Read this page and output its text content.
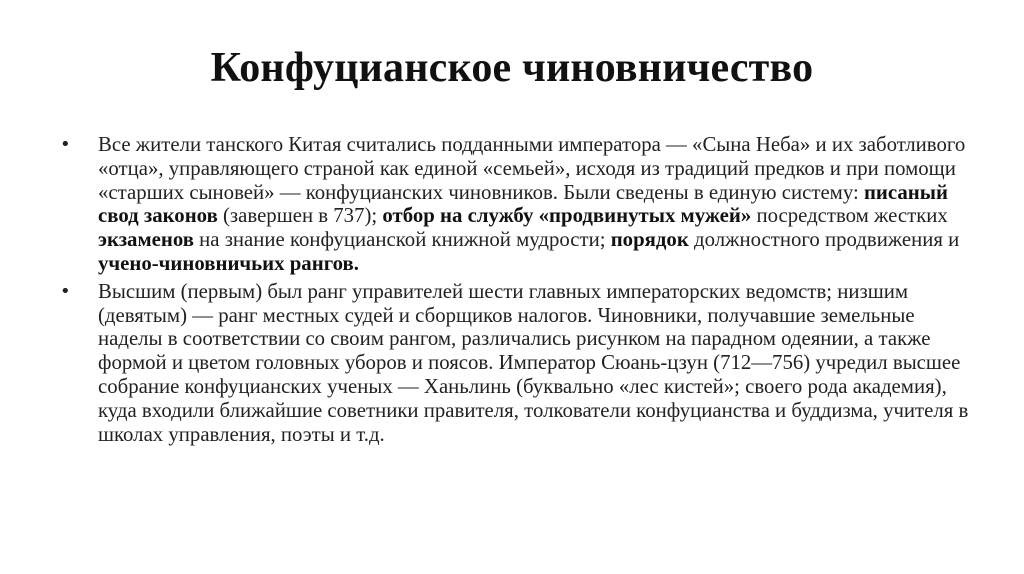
Конфуцианское чиновничество
•	Все жители танского Китая считались подданными императора — «Сына Неба» и их заботливого «отца», управляющего страной как единой «семьей», исходя из традиций предков и при помощи «старших сыновей» — конфуцианских чиновников. Были сведены в единую систему: писаный свод законов (завершен в 737); отбор на службу «продвинутых мужей» посредством жестких экзаменов на знание конфуцианской книжной мудрости; порядок должностного продвижения и учено-чиновничьих рангов.
•	Высшим (первым) был ранг управителей шести главных императорских ведомств; низшим (девятым) — ранг местных судей и сборщиков налогов. Чиновники, получавшие земельные наделы в соответствии со своим рангом, различались рисунком на парадном одеянии, а также формой и цветом головных уборов и поясов. Император Сюань-цзун (712—756) учредил высшее собрание конфуцианских ученых — Ханьлинь (буквально «лес кистей»; своего рода академия), куда входили ближайшие советники правителя, толкователи конфуцианства и буддизма, учителя в школах управления, поэты и т.д.
